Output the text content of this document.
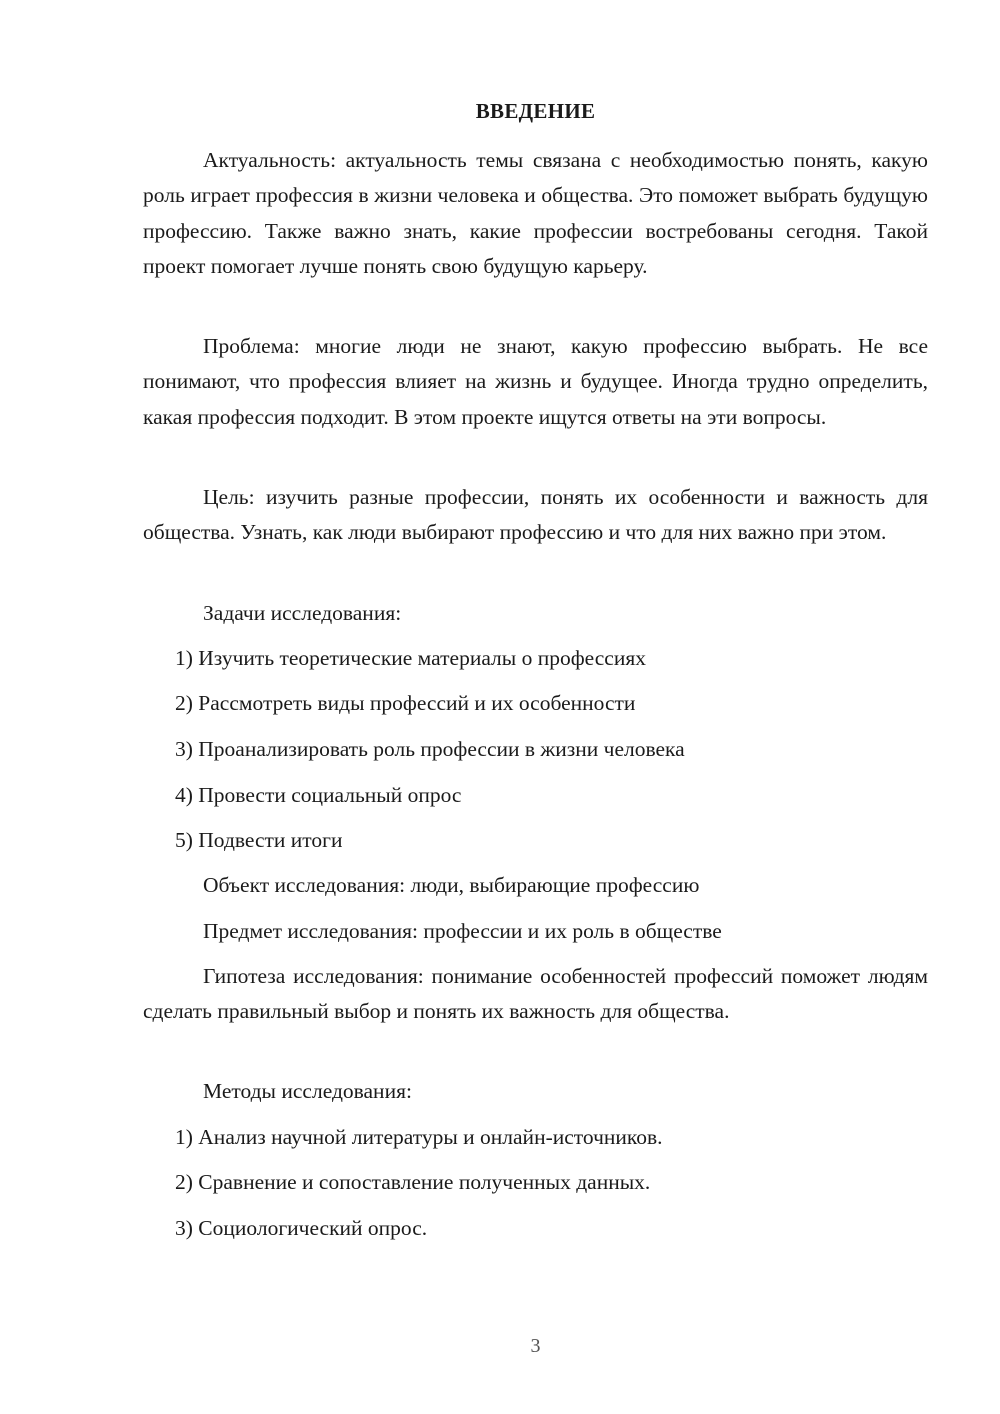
ВВЕДЕНИЕ

Актуальность: актуальность темы связана с необходимостью понять, какую роль играет профессия в жизни человека и общества. Это поможет выбрать будущую профессию. Также важно знать, какие профессии востребованы сегодня. Такой проект помогает лучше понять свою будущую карьеру.

Проблема: многие люди не знают, какую профессию выбрать. Не все понимают, что профессия влияет на жизнь и будущее. Иногда трудно определить, какая профессия подходит. В этом проекте ищутся ответы на эти вопросы.

Цель: изучить разные профессии, понять их особенности и важность для общества. Узнать, как люди выбирают профессию и что для них важно при этом.

Задачи исследования:

1) Изучить теоретические материалы о профессиях

2) Рассмотреть виды профессий и их особенности

3) Проанализировать роль профессии в жизни человека

4) Провести социальный опрос

5) Подвести итоги

Объект исследования: люди, выбирающие профессию

Предмет исследования: профессии и их роль в обществе

Гипотеза исследования: понимание особенностей профессий поможет людям сделать правильный выбор и понять их важность для общества.

Методы исследования:

1) Анализ научной литературы и онлайн-источников.

2) Сравнение и сопоставление полученных данных.

3) Социологический опрос.

3
